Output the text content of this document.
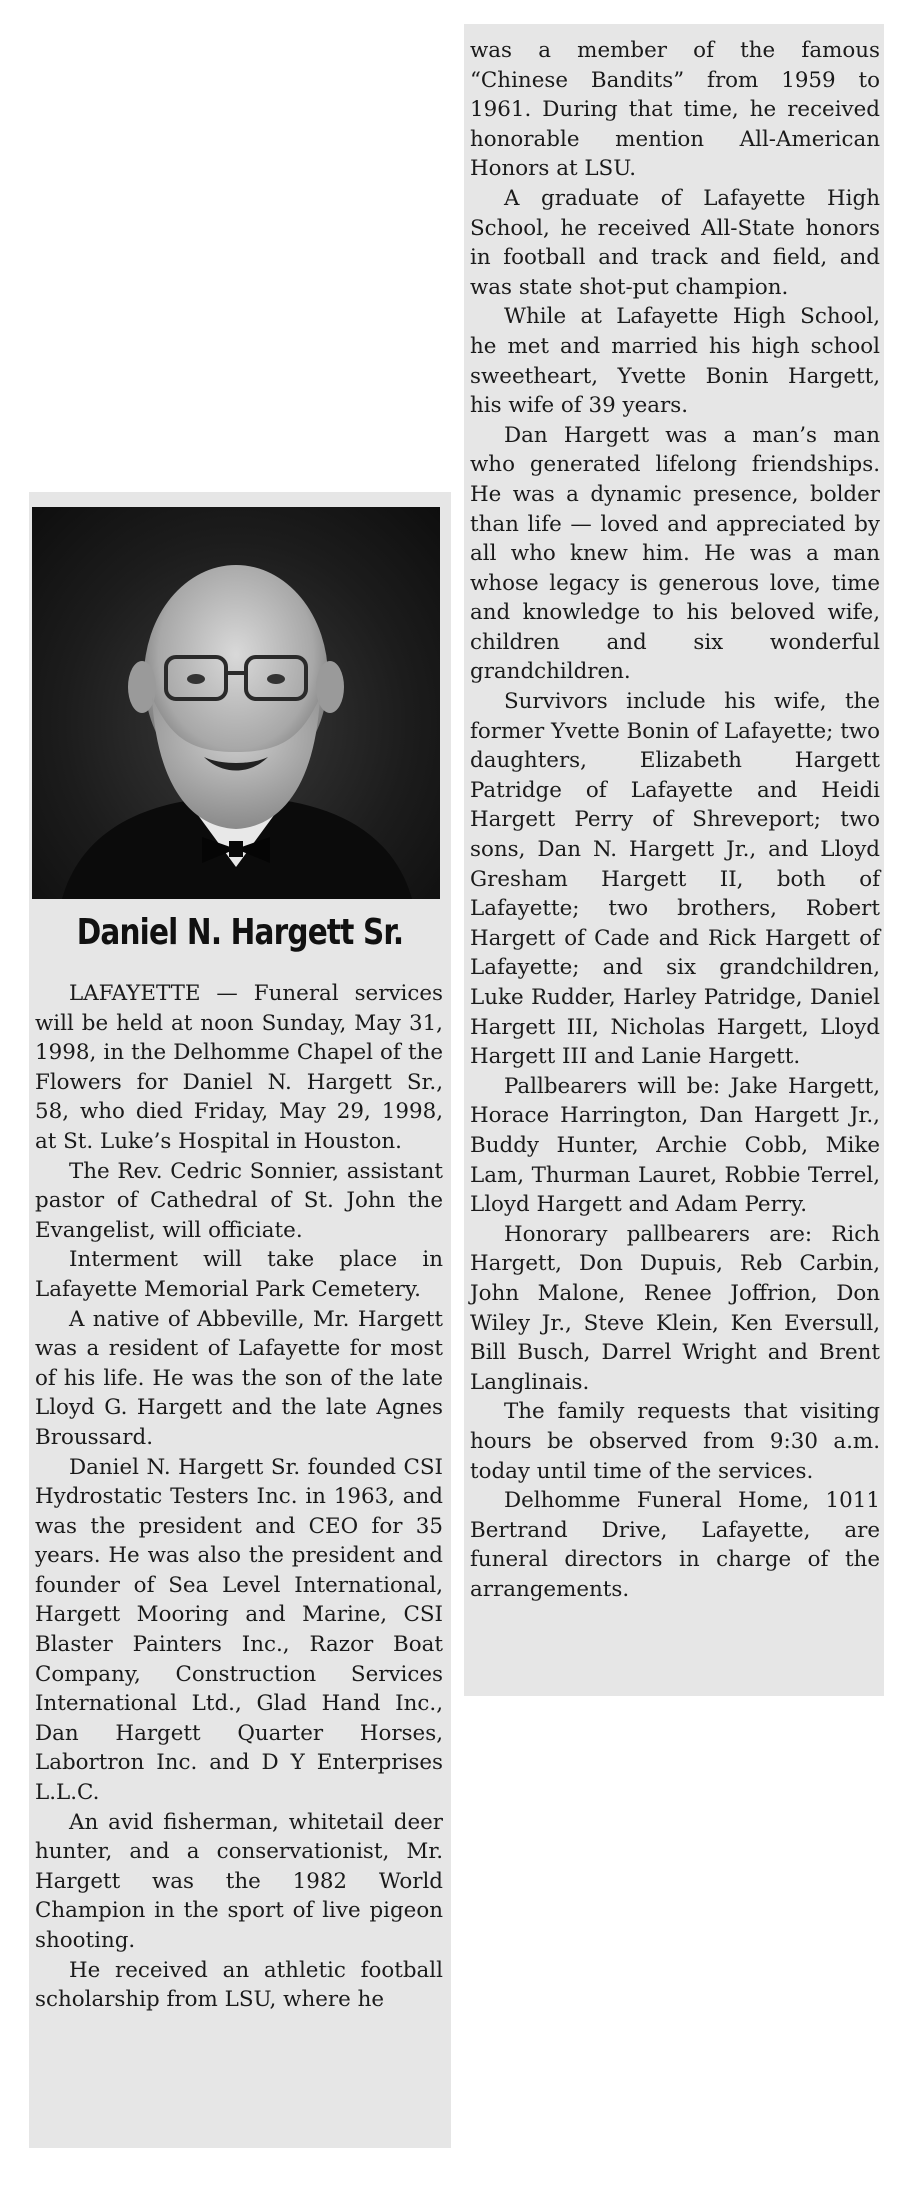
Daniel N. Hargett Sr.

LAFAYETTE — Funeral services will be held at noon Sunday, May 31, 1998, in the Delhomme Chapel of the Flowers for Daniel N. Hargett Sr., 58, who died Friday, May 29, 1998, at St. Luke’s Hospital in Houston.

The Rev. Cedric Sonnier, assistant pastor of Cathedral of St. John the Evangelist, will officiate.

Interment will take place in Lafayette Memorial Park Cemetery.

A native of Abbeville, Mr. Hargett was a resident of Lafayette for most of his life. He was the son of the late Lloyd G. Hargett and the late Agnes Broussard.

Daniel N. Hargett Sr. founded CSI Hydrostatic Testers Inc. in 1963, and was the president and CEO for 35 years. He was also the president and founder of Sea Level International, Hargett Mooring and Marine, CSI Blaster Painters Inc., Razor Boat Company, Construction Services International Ltd., Glad Hand Inc., Dan Hargett Quarter Horses, Labortron Inc. and D Y Enterprises L.L.C.

An avid fisherman, whitetail deer hunter, and a conservationist, Mr. Hargett was the 1982 World Champion in the sport of live pigeon shooting.

He received an athletic football scholarship from LSU, where he

was a member of the famous “Chinese Bandits” from 1959 to 1961. During that time, he received honorable mention All-American Honors at LSU.

A graduate of Lafayette High School, he received All-State honors in football and track and field, and was state shot-put champion.

While at Lafayette High School, he met and married his high school sweetheart, Yvette Bonin Hargett, his wife of 39 years.

Dan Hargett was a man’s man who generated lifelong friendships. He was a dynamic presence, bolder than life — loved and appreciated by all who knew him. He was a man whose legacy is generous love, time and knowledge to his beloved wife, children and six wonderful grandchildren.

Survivors include his wife, the former Yvette Bonin of Lafayette; two daughters, Elizabeth Hargett Patridge of Lafayette and Heidi Hargett Perry of Shreveport; two sons, Dan N. Hargett Jr., and Lloyd Gresham Hargett II, both of Lafayette; two brothers, Robert Hargett of Cade and Rick Hargett of Lafayette; and six grandchildren, Luke Rudder, Harley Patridge, Daniel Hargett III, Nicholas Hargett, Lloyd Hargett III and Lanie Hargett.

Pallbearers will be: Jake Hargett, Horace Harrington, Dan Hargett Jr., Buddy Hunter, Archie Cobb, Mike Lam, Thurman Lauret, Robbie Terrel, Lloyd Hargett and Adam Perry.

Honorary pallbearers are: Rich Hargett, Don Dupuis, Reb Carbin, John Malone, Renee Joffrion, Don Wiley Jr., Steve Klein, Ken Eversull, Bill Busch, Darrel Wright and Brent Langlinais.

The family requests that visiting hours be observed from 9:30 a.m. today until time of the services.

Delhomme Funeral Home, 1011 Bertrand Drive, Lafayette, are funeral directors in charge of the arrangements.
